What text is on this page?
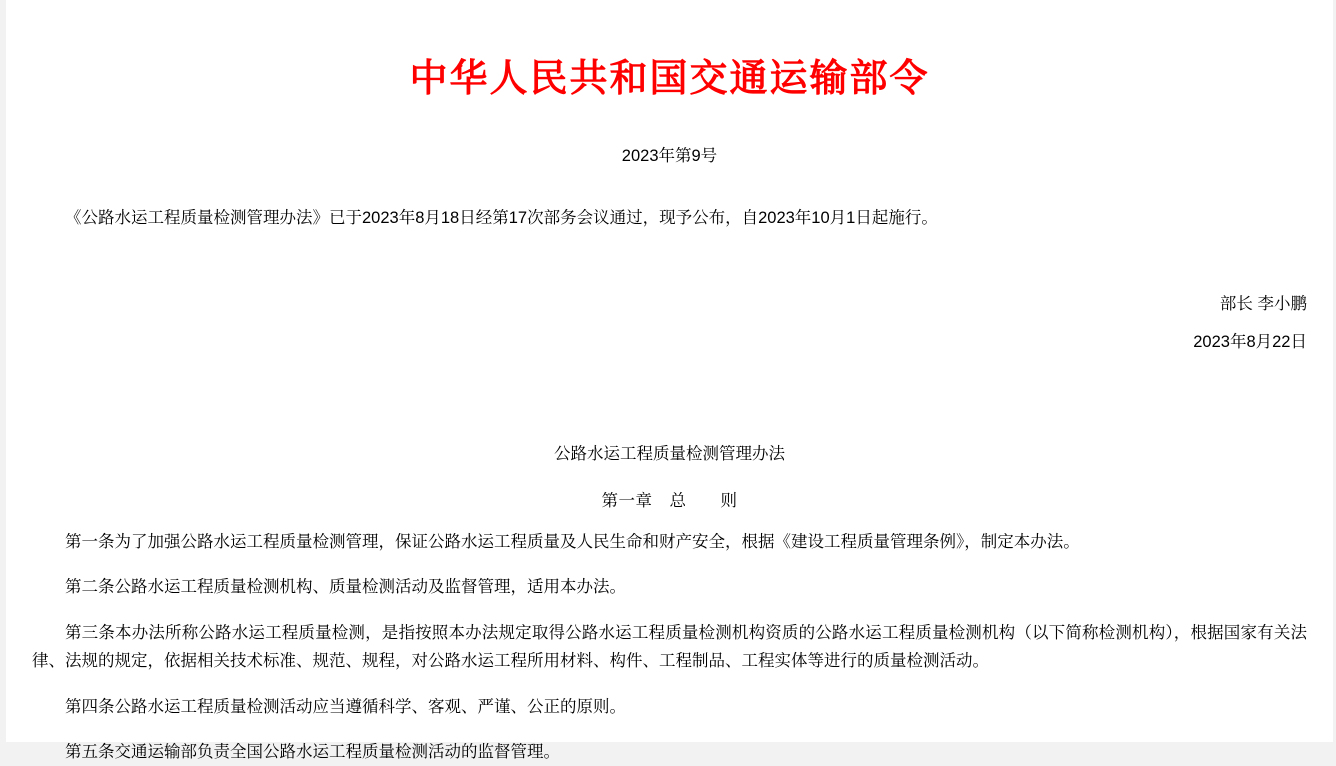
中华人民共和国交通运输部令
2023年第9号
《公路水运工程质量检测管理办法》已于2023年8月18日经第17次部务会议通过，现予公布，自2023年10月1日起施行。
部长 李小鹏
2023年8月22日
公路水运工程质量检测管理办法
第一章　总　　则

第一条为了加强公路水运工程质量检测管理，保证公路水运工程质量及人民生命和财产安全，根据《建设工程质量管理条例》，制定本办法。

第二条公路水运工程质量检测机构、质量检测活动及监督管理，适用本办法。

第三条本办法所称公路水运工程质量检测，是指按照本办法规定取得公路水运工程质量检测机构资质的公路水运工程质量检测机构（以下简称检测机构），根据国家有关法律、法规的规定，依据相关技术标准、规范、规程，对公路水运工程所用材料、构件、工程制品、工程实体等进行的质量检测活动。

第四条公路水运工程质量检测活动应当遵循科学、客观、严谨、公正的原则。

第五条交通运输部负责全国公路水运工程质量检测活动的监督管理。
